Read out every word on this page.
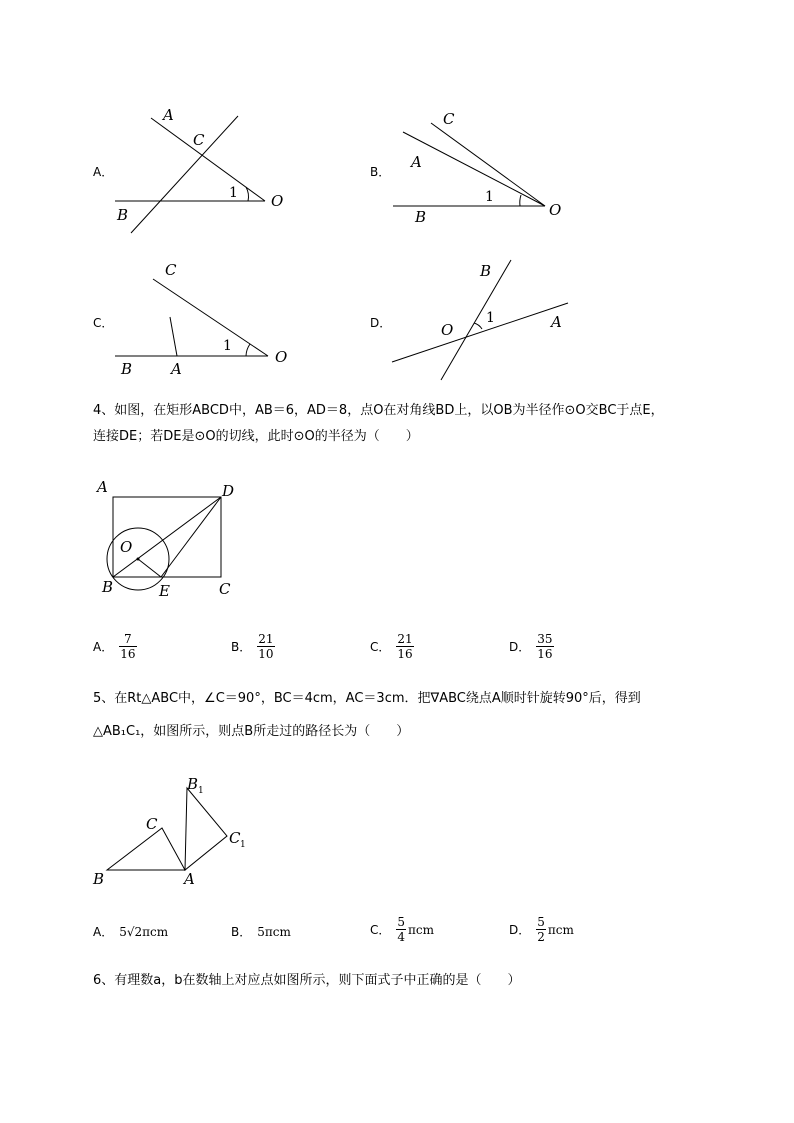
A．	B．
C．	D．
A
C
B
O
1
C
A
B	O
1
C
B	A
O
1
B
O	A
1
4、如图，在矩形ABCD中，AB＝6，AD＝8，点O在对角线BD上，以OB为半径作⊙O交BC于点E，
连接DE；若DE是⊙O的切线，此时⊙O的半径为（　　）
A	D
O
B	E	C
A． $\frac{7}{16}$	B． $\frac{21}{10}$	C． $\frac{21}{16}$	D． $\frac{35}{16}$
5、在Rt△ABC中，∠C＝90°，BC＝4cm，AC＝3cm．把∇ABC绕点A顺时针旋转90°后，得到
△AB₁C₁，如图所示，则点B所走过的路径长为（　　）
B
C
A
B 1
C 1
A． 5√2πcm	B． 5πcm	C． $\frac{5}{4}$ πcm	D． $\frac{5}{2}$ πcm
6、有理数a，b在数轴上对应点如图所示，则下面式子中正确的是（　　）
